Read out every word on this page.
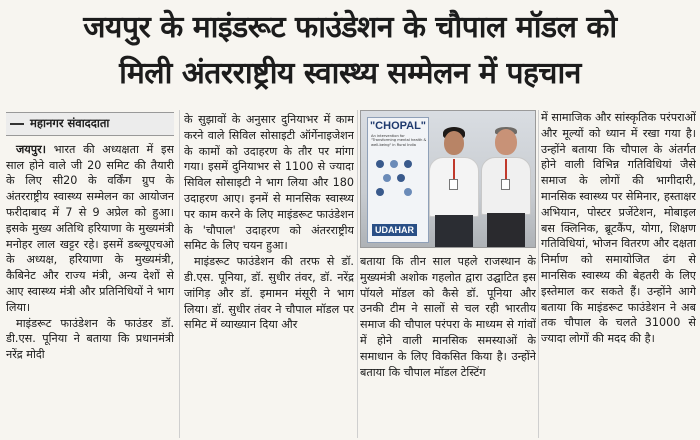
जयपुर के माइंडरूट फाउंडेशन के चौपाल मॉडल को
मिली अंतरराष्ट्रीय स्वास्थ्य सम्मेलन में पहचान
महानगर संवाददाता

जयपुर। भारत की अध्यक्षता में इस साल होने वाले जी 20 समिट की तैयारी के लिए सी20 के वर्किंग ग्रुप के अंतरराष्ट्रीय स्वास्थ्य सम्मेलन का आयोजन फरीदाबाद में 7 से 9 अप्रेल को हुआ। इसके मुख्य अतिथि हरियाणा के मुख्यमंत्री मनोहर लाल खट्टर रहे। इसमें डब्ल्यूएचओ के अध्यक्ष, हरियाणा के मुख्यमंत्री, कैबिनेट और राज्य मंत्री, अन्य देशों से आए स्वास्थ्य मंत्री और प्रतिनिधियों ने भाग लिया।

माइंडरूट फाउंडेशन के फाउंडर डॉ. डी.एस. पूनिया ने बताया कि प्रधानमंत्री नरेंद्र मोदी

के सुझावों के अनुसार दुनियाभर में काम करने वाले सिविल सोसाइटी ऑर्गेनाइजेशन के कामों को उदाहरण के तौर पर मांगा गया। इसमें दुनियाभर से 1100 से ज्यादा सिविल सोसाइटी ने भाग लिया और 180 उदाहरण आए। इनमें से मानसिक स्वास्थ्य पर काम करने के लिए माइंडरूट फाउंडेशन के 'चौपाल' उदाहरण को अंतरराष्ट्रीय समिट के लिए चयन हुआ।

माइंडरूट फाउंडेशन की तरफ से डॉ. डी.एस. पूनिया, डॉ. सुधीर तंवर, डॉ. नरेंद्र जांगिड़ और डॉ. इमामन मंसूरी ने भाग लिया। डॉ. सुधीर तंवर ने चौपाल मॉडल पर समिट में व्याख्यान दिया और

"CHOPAL"
An intervention for "Transforming mental health & well-being" in Rural India
UDAHAR

बताया कि तीन साल पहले राजस्थान के मुख्यमंत्री अशोक गहलोत द्वारा उद्घाटित इस पॉयले मॉडल को कैसे डॉ. पूनिया और उनकी टीम ने सालों से चल रही भारतीय समाज की चौपाल परंपरा के माध्यम से गांवों में होने वाली मानसिक समस्याओं के समाधान के लिए विकसित किया है। उन्होंने बताया कि चौपाल मॉडल टेस्टिंग

में सामाजिक और सांस्कृतिक परंपराओं और मूल्यों को ध्यान में रखा गया है। उन्होंने बताया कि चौपाल के अंतर्गत होने वाली विभिन्न गतिविधियां जैसे समाज के लोगों की भागीदारी, मानसिक स्वास्थ्य पर सेमिनार, हस्ताक्षर अभियान, पोस्टर प्रजेंटेशन, मोबाइल बस क्लिनिक, ब्रूटकैंप, योगा, शिक्षण गतिविधियां, भोजन वितरण और दक्षता निर्माण को समायोजित ढंग से मानसिक स्वास्थ्य की बेहतरी के लिए इस्तेमाल कर सकते हैं। उन्होंने आगे बताया कि माइंडरूट फाउंडेशन ने अब तक चौपाल के चलते 31000 से ज्यादा लोगों की मदद की है।
